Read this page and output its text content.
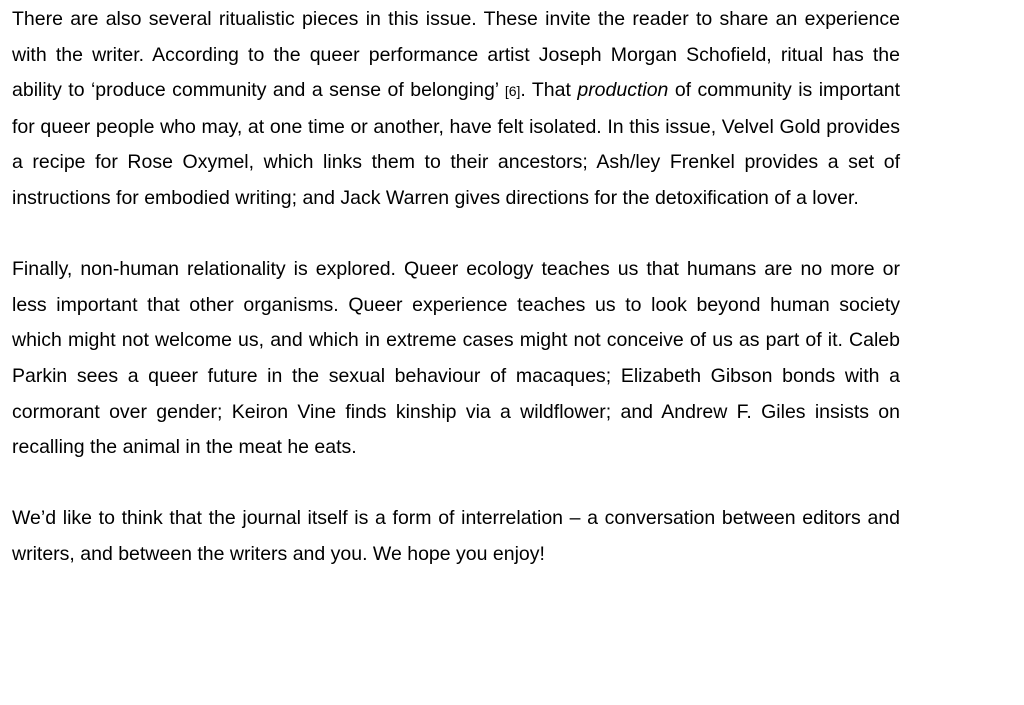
There are also several ritualistic pieces in this issue. These invite the reader to share an experience with the writer. According to the queer performance artist Joseph Morgan Schofield, ritual has the ability to ‘produce community and a sense of belonging’ [6]. That production of community is important for queer people who may, at one time or another, have felt isolated. In this issue, Velvel Gold provides a recipe for Rose Oxymel, which links them to their ancestors; Ash/ley Frenkel provides a set of instructions for embodied writing; and Jack Warren gives directions for the detoxification of a lover.

Finally, non-human relationality is explored. Queer ecology teaches us that humans are no more or less important that other organisms. Queer experience teaches us to look beyond human society which might not welcome us, and which in extreme cases might not conceive of us as part of it. Caleb Parkin sees a queer future in the sexual behaviour of macaques; Elizabeth Gibson bonds with a cormorant over gender; Keiron Vine finds kinship via a wildflower; and Andrew F. Giles insists on recalling the animal in the meat he eats.

We’d like to think that the journal itself is a form of interrelation – a conversation between editors and writers, and between the writers and you. We hope you enjoy!
